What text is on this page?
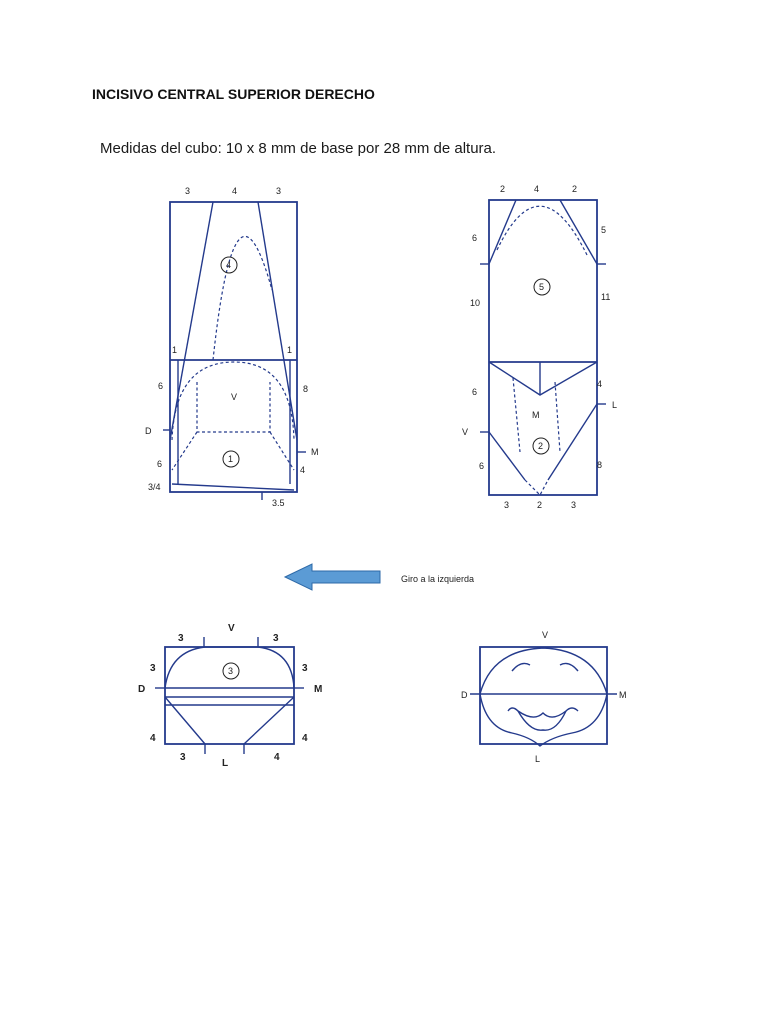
INCISIVO CENTRAL SUPERIOR DERECHO
Medidas del cubo: 10 x 8 mm de base por 28 mm de altura.
3	4	3
1
6
D
6
3/4
1
8
M
4
3.5
V
4
1
2	4	2
6
10
6
V
6
5
11
4
L
8
3	2	3
M
5
2
Giro a la izquierda
V
L
D	M
3	3
3
4
3
4
3	4
3
V
L
D	M
